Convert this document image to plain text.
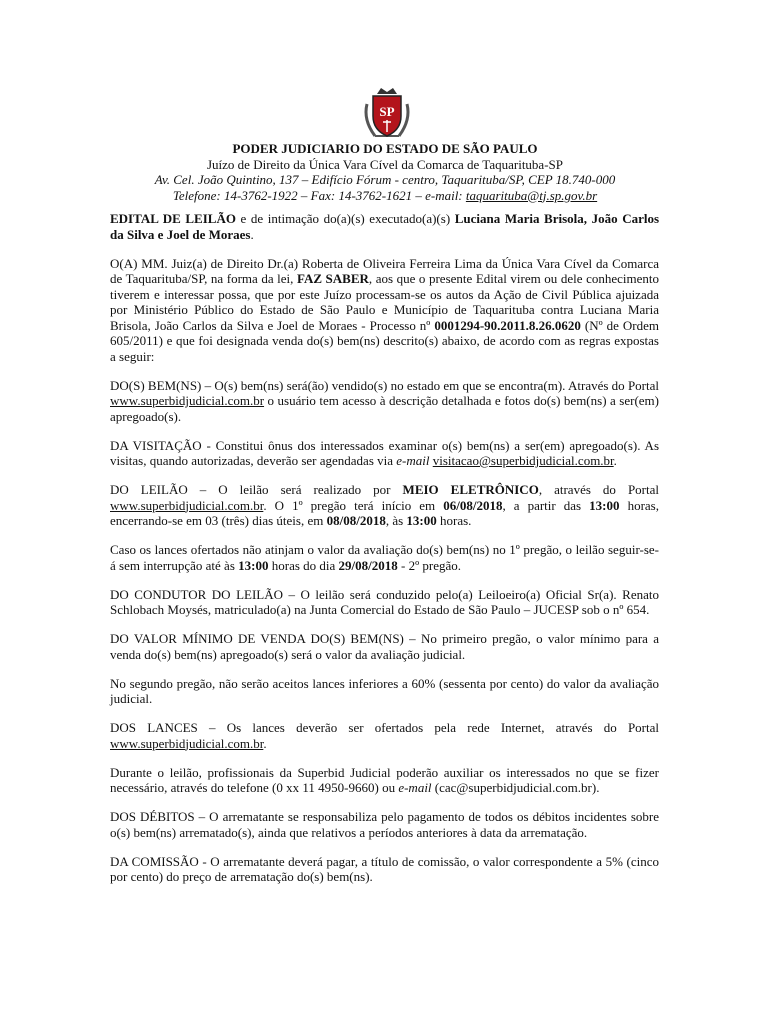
SP
PODER JUDICIARIO DO ESTADO DE SÃO PAULO
Juízo de Direito da Única Vara Cível da Comarca de Taquarituba-SP
Av. Cel. João Quintino, 137 – Edifício Fórum - centro, Taquarituba/SP, CEP 18.740-000
Telefone: 14-3762-1922 – Fax: 14-3762-1621 – e-mail: taquarituba@tj.sp.gov.br

EDITAL DE LEILÃO e de intimação do(a)(s) executado(a)(s) Luciana Maria Brisola, João Carlos da Silva e Joel de Moraes.

O(A) MM. Juiz(a) de Direito Dr.(a) Roberta de Oliveira Ferreira Lima da Única Vara Cível da Comarca de Taquarituba/SP, na forma da lei, FAZ SABER, aos que o presente Edital virem ou dele conhecimento tiverem e interessar possa, que por este Juízo processam-se os autos da Ação de Civil Pública ajuizada por Ministério Público do Estado de São Paulo e Município de Taquarituba contra Luciana Maria Brisola, João Carlos da Silva e Joel de Moraes - Processo nº 0001294-90.2011.8.26.0620 (Nº de Ordem 605/2011) e que foi designada venda do(s) bem(ns) descrito(s) abaixo, de acordo com as regras expostas a seguir:

DO(S) BEM(NS) – O(s) bem(ns) será(ão) vendido(s) no estado em que se encontra(m). Através do Portal www.superbidjudicial.com.br o usuário tem acesso à descrição detalhada e fotos do(s) bem(ns) a ser(em) apregoado(s).

DA VISITAÇÃO - Constitui ônus dos interessados examinar o(s) bem(ns) a ser(em) apregoado(s). As visitas, quando autorizadas, deverão ser agendadas via e-mail visitacao@superbidjudicial.com.br.

DO LEILÃO – O leilão será realizado por MEIO ELETRÔNICO, através do Portal www.superbidjudicial.com.br. O 1º pregão terá início em 06/08/2018, a partir das 13:00 horas, encerrando-se em 03 (três) dias úteis, em 08/08/2018, às 13:00 horas.

Caso os lances ofertados não atinjam o valor da avaliação do(s) bem(ns) no 1º pregão, o leilão seguir-se-á sem interrupção até às 13:00 horas do dia 29/08/2018 - 2º pregão.

DO CONDUTOR DO LEILÃO – O leilão será conduzido pelo(a) Leiloeiro(a) Oficial Sr(a). Renato Schlobach Moysés, matriculado(a) na Junta Comercial do Estado de São Paulo – JUCESP sob o nº 654.

DO VALOR MÍNIMO DE VENDA DO(S) BEM(NS) – No primeiro pregão, o valor mínimo para a venda do(s) bem(ns) apregoado(s) será o valor da avaliação judicial.

No segundo pregão, não serão aceitos lances inferiores a 60% (sessenta por cento) do valor da avaliação judicial.

DOS LANCES – Os lances deverão ser ofertados pela rede Internet, através do Portal www.superbidjudicial.com.br.

Durante o leilão, profissionais da Superbid Judicial poderão auxiliar os interessados no que se fizer necessário, através do telefone (0 xx 11 4950-9660) ou e-mail (cac@superbidjudicial.com.br).

DOS DÉBITOS – O arrematante se responsabiliza pelo pagamento de todos os débitos incidentes sobre o(s) bem(ns) arrematado(s), ainda que relativos a períodos anteriores à data da arrematação.

DA COMISSÃO - O arrematante deverá pagar, a título de comissão, o valor correspondente a 5% (cinco por cento) do preço de arrematação do(s) bem(ns).
